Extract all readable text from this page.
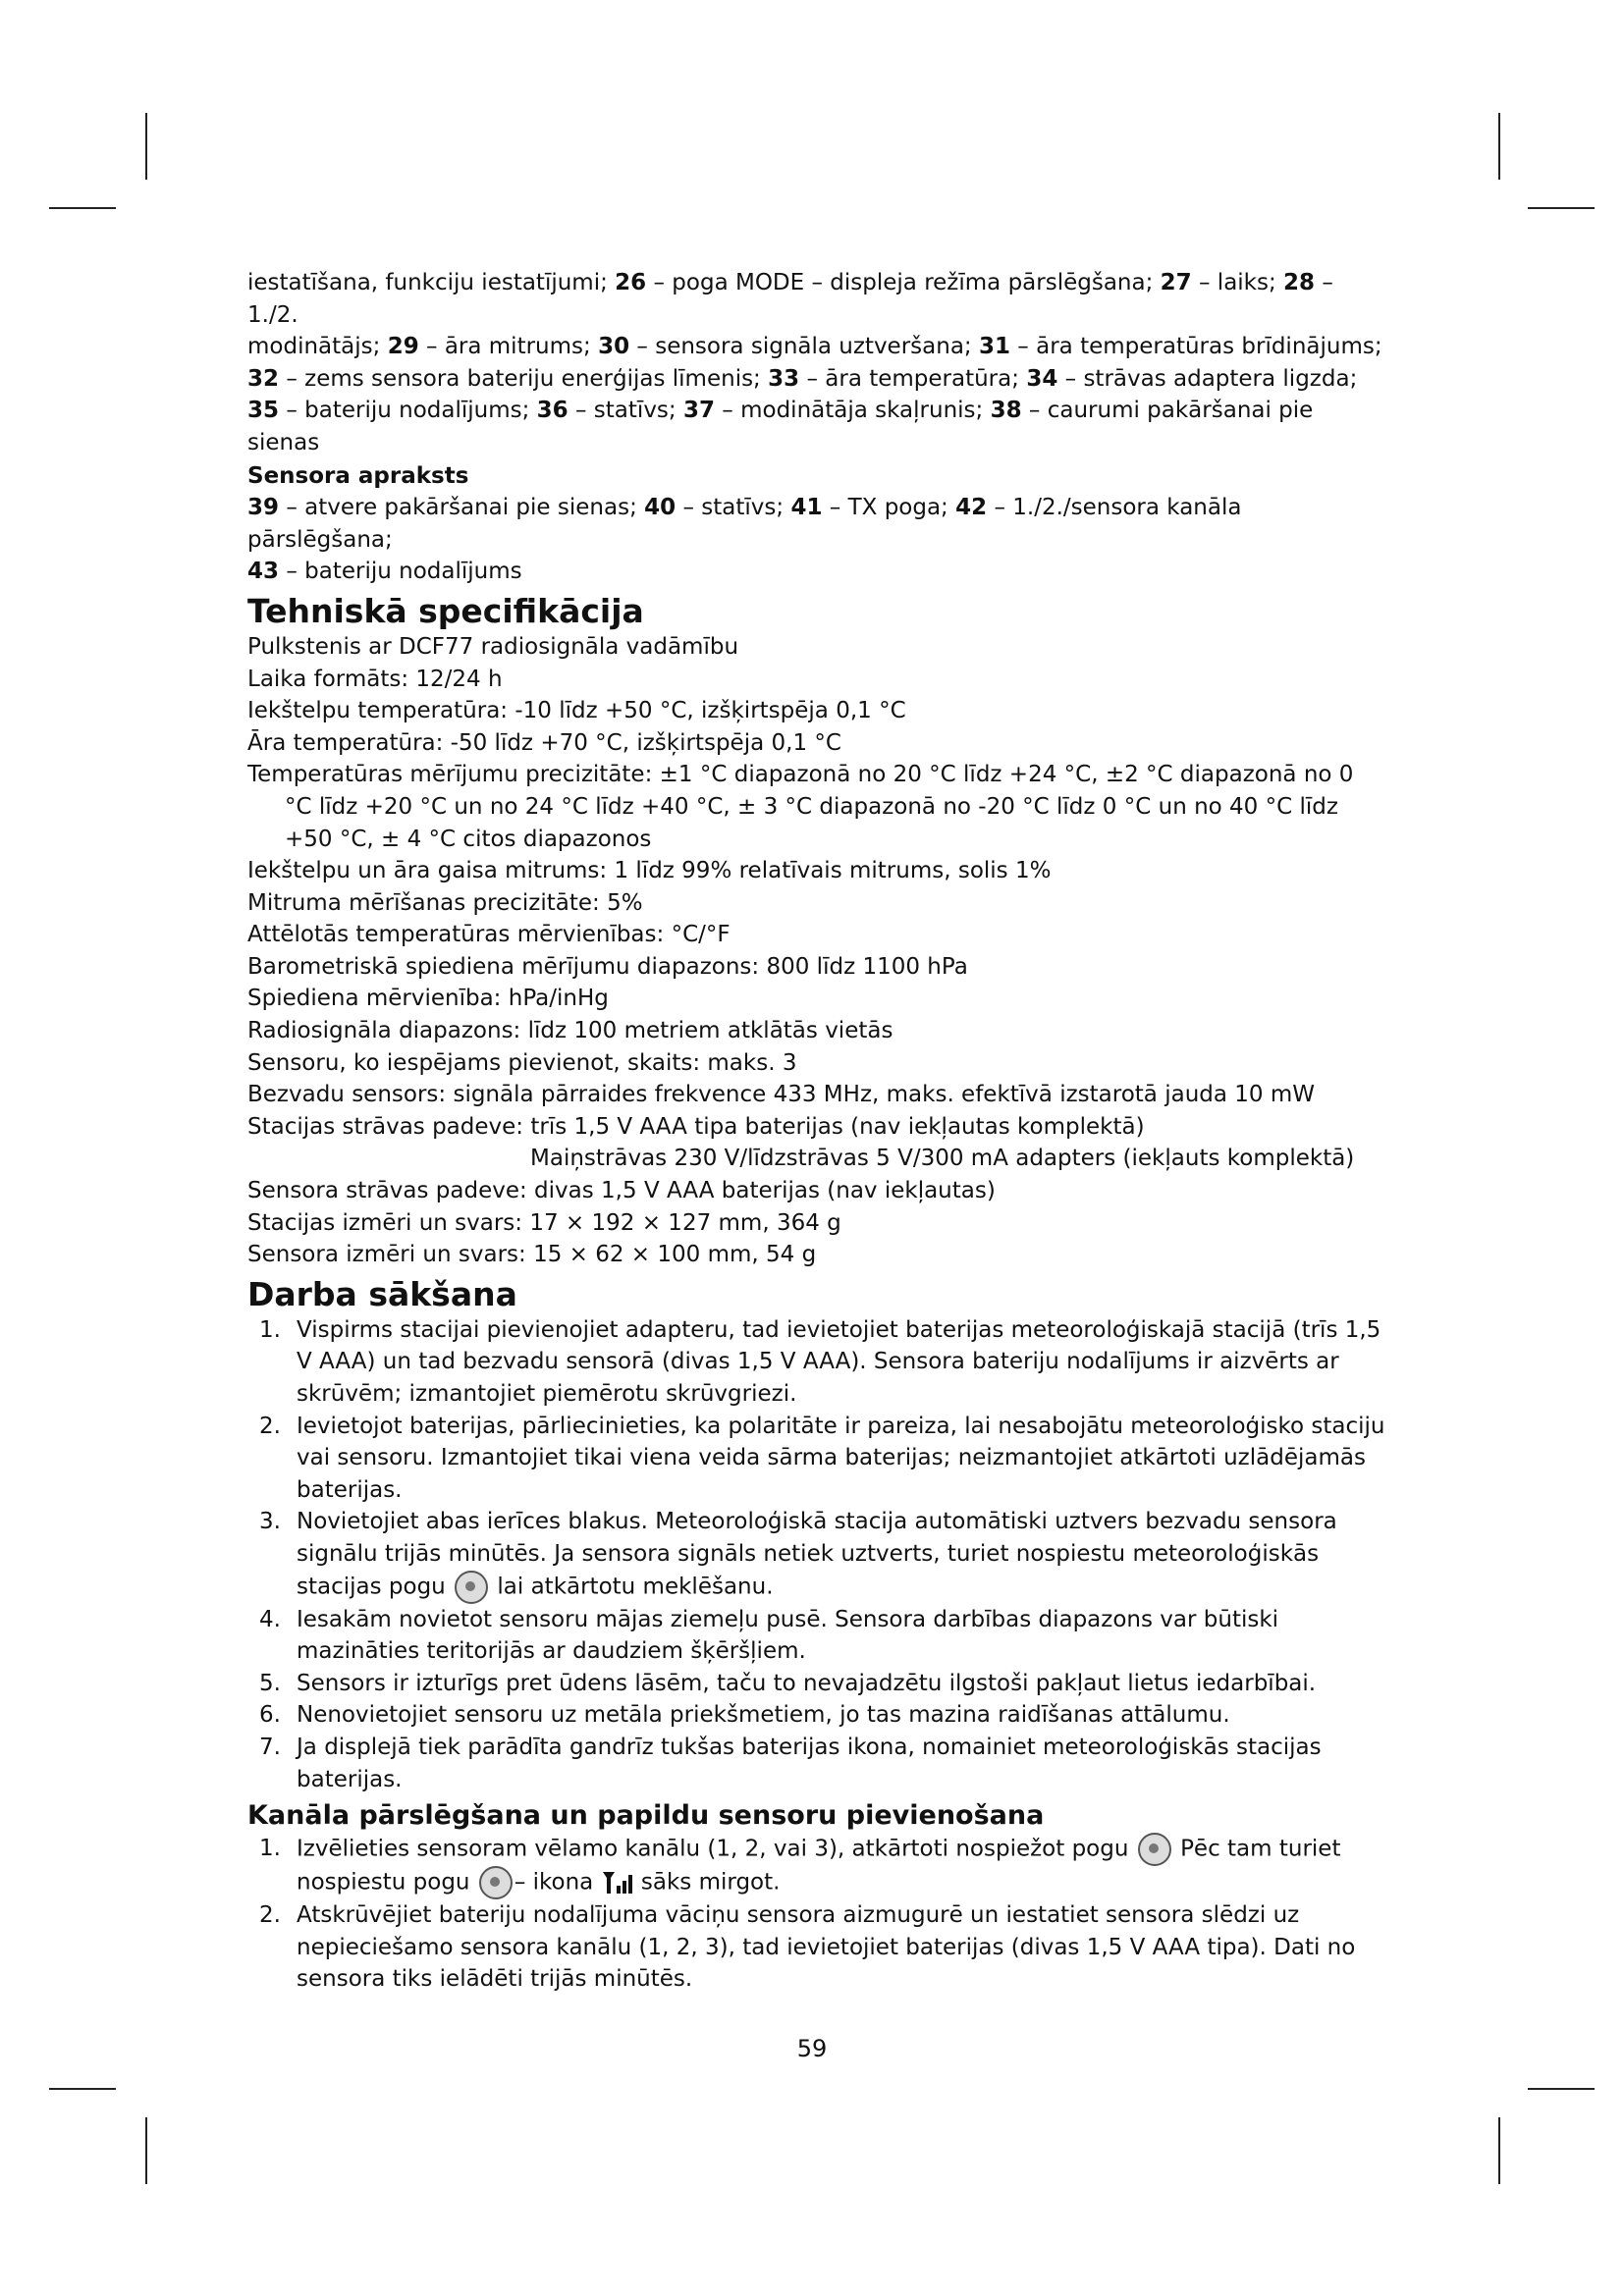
iestatīšana, funkciju iestatījumi; 26 – poga MODE – displeja režīma pārslēgšana; 27 – laiks; 28 – 1./2.

modinātājs; 29 – āra mitrums; 30 – sensora signāla uztveršana; 31 – āra temperatūras brīdinājums;

32 – zems sensora bateriju enerģijas līmenis; 33 – āra temperatūra; 34 – strāvas adaptera ligzda;

35 – bateriju nodalījums; 36 – statīvs; 37 – modinātāja skaļrunis; 38 – caurumi pakāršanai pie sienas

Sensora apraksts

39 – atvere pakāršanai pie sienas; 40 – statīvs; 41 – TX poga; 42 – 1./2./sensora kanāla pārslēgšana;

43 – bateriju nodalījums

Tehniskā specifikācija

Pulkstenis ar DCF77 radiosignāla vadāmību

Laika formāts: 12/24 h

Iekštelpu temperatūra: -10 līdz +50 °C, izšķirtspēja 0,1 °C

Āra temperatūra: -50 līdz +70 °C, izšķirtspēja 0,1 °C

Temperatūras mērījumu precizitāte: ±1 °C diapazonā no 20 °C līdz +24 °C, ±2 °C diapazonā no 0 °C līdz +20 °C un no 24 °C līdz +40 °C, ± 3 °C diapazonā no -20 °C līdz 0 °C un no 40 °C līdz +50 °C, ± 4 °C citos diapazonos

Iekštelpu un āra gaisa mitrums: 1 līdz 99% relatīvais mitrums, solis 1%

Mitruma mērīšanas precizitāte: 5%

Attēlotās temperatūras mērvienības: °C/°F

Barometriskā spiediena mērījumu diapazons: 800 līdz 1100 hPa

Spiediena mērvienība: hPa/inHg

Radiosignāla diapazons: līdz 100 metriem atklātās vietās

Sensoru, ko iespējams pievienot, skaits: maks. 3

Bezvadu sensors: signāla pārraides frekvence 433 MHz, maks. efektīvā izstarotā jauda 10 mW

Stacijas strāvas padeve: trīs 1,5 V AAA tipa baterijas (nav iekļautas komplektā)

Maiņstrāvas 230 V/līdzstrāvas 5 V/300 mA adapters (iekļauts komplektā)

Sensora strāvas padeve: divas 1,5 V AAA baterijas (nav iekļautas)

Stacijas izmēri un svars: 17 × 192 × 127 mm, 364 g

Sensora izmēri un svars: 15 × 62 × 100 mm, 54 g

Darba sākšana
1. Vispirms stacijai pievienojiet adapteru, tad ievietojiet baterijas meteoroloģiskajā stacijā (trīs 1,5 V AAA) un tad bezvadu sensorā (divas 1,5 V AAA). Sensora bateriju nodalījums ir aizvērts ar skrūvēm; izmantojiet piemērotu skrūvgriezi.
2. Ievietojot baterijas, pārliecinieties, ka polaritāte ir pareiza, lai nesabojātu meteoroloģisko staciju vai sensoru. Izmantojiet tikai viena veida sārma baterijas; neizmantojiet atkārtoti uzlādējamās baterijas.
3. Novietojiet abas ierīces blakus. Meteoroloģiskā stacija automātiski uztvers bezvadu sensora signālu trijās minūtēs. Ja sensora signāls netiek uztverts, turiet nospiestu meteoroloģiskās stacijas pogu lai atkārtotu meklēšanu.
4. Iesakām novietot sensoru mājas ziemeļu pusē. Sensora darbības diapazons var būtiski mazināties teritorijās ar daudziem šķēršļiem.
5. Sensors ir izturīgs pret ūdens lāsēm, taču to nevajadzētu ilgstoši pakļaut lietus iedarbībai.
6. Nenovietojiet sensoru uz metāla priekšmetiem, jo tas mazina raidīšanas attālumu.
7. Ja displejā tiek parādīta gandrīz tukšas baterijas ikona, nomainiet meteoroloģiskās stacijas baterijas.
Kanāla pārslēgšana un papildu sensoru pievienošana
1. Izvēlieties sensoram vēlamo kanālu (1, 2, vai 3), atkārtoti nospiežot pogu Pēc tam turiet nospiestu pogu – ikona sāks mirgot.
2. Atskrūvējiet bateriju nodalījuma vāciņu sensora aizmugurē un iestatiet sensora slēdzi uz nepieciešamo sensora kanālu (1, 2, 3), tad ievietojiet baterijas (divas 1,5 V AAA tipa). Dati no sensora tiks ielādēti trijās minūtēs.
59
